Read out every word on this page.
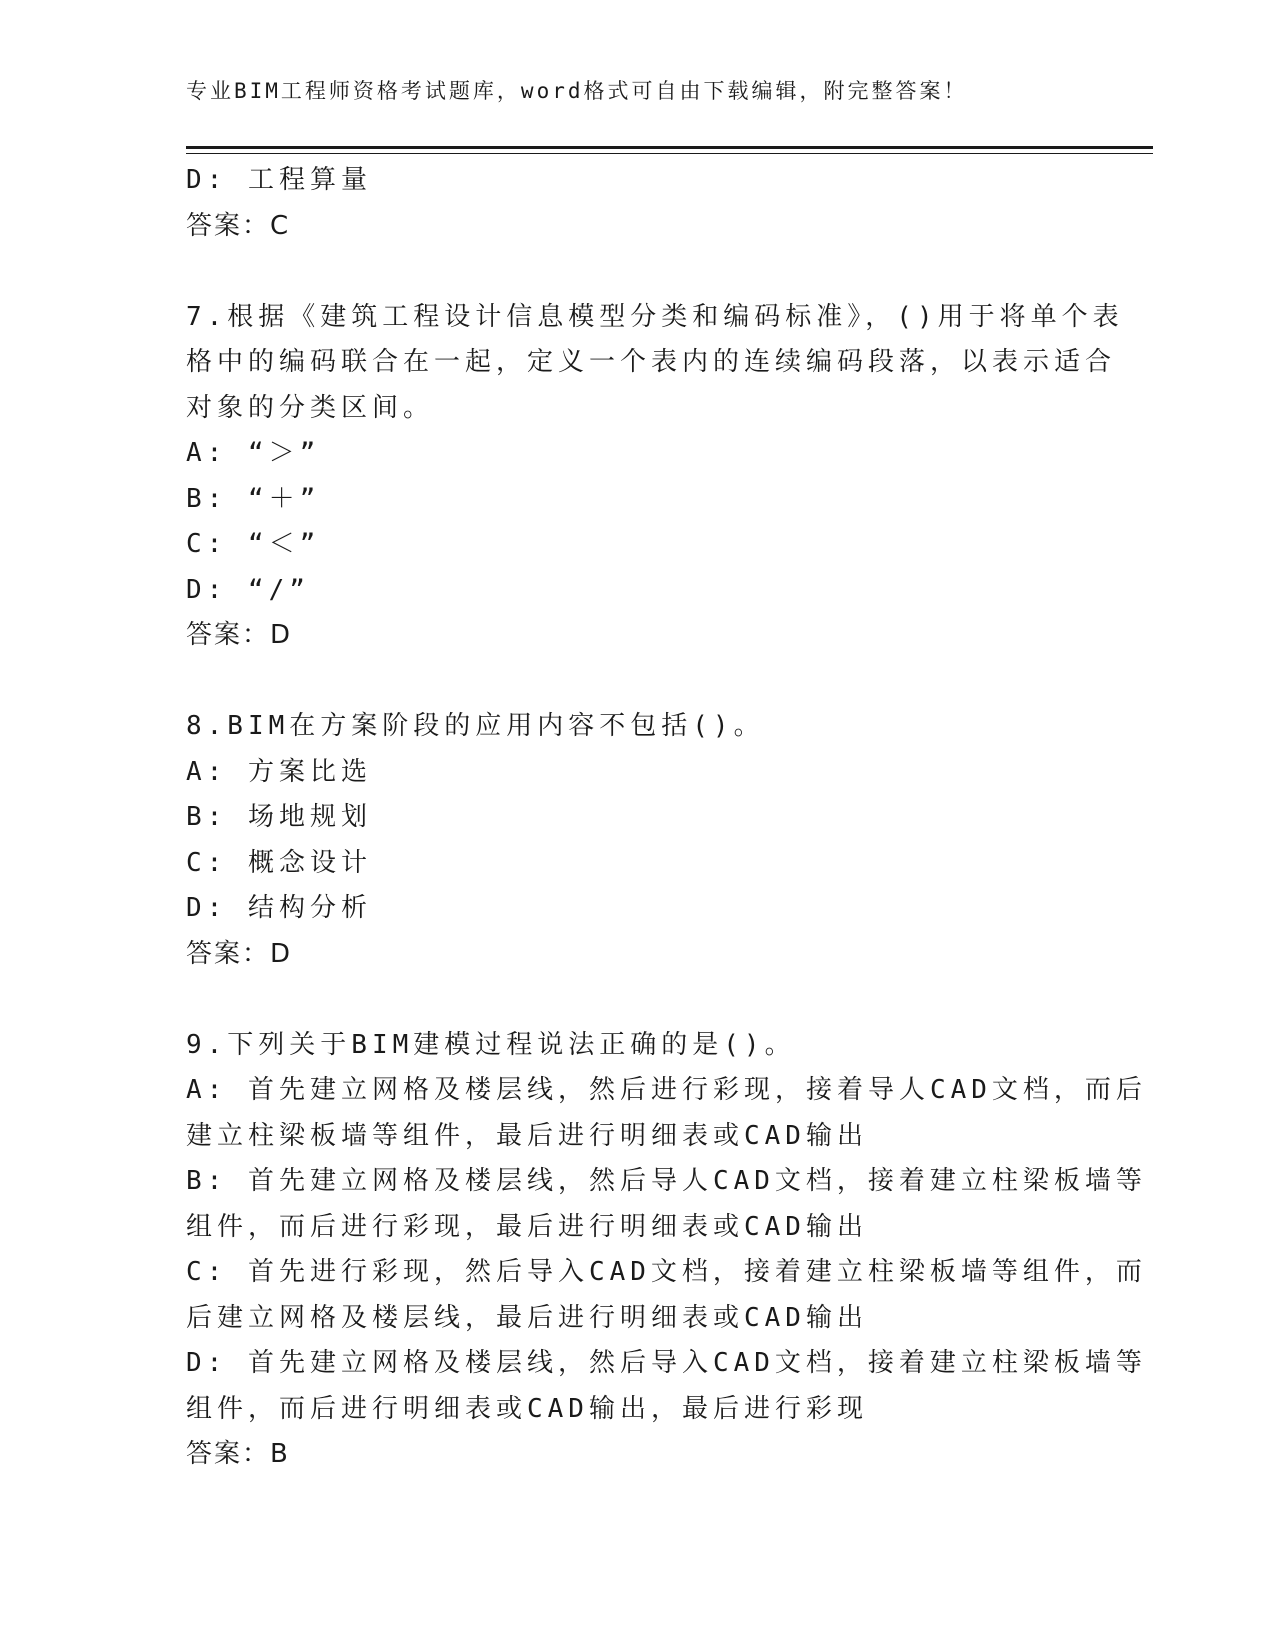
专业BIM工程师资格考试题库，word格式可自由下载编辑，附完整答案！
D: 工程算量
答案：C
7.根据《建筑工程设计信息模型分类和编码标准》，()用于将单个表
格中的编码联合在一起，定义一个表内的连续编码段落，以表示适合
对象的分类区间。
A: “＞”
B: “＋”
C: “＜”
D: “/”
答案：D
8.BIM在方案阶段的应用内容不包括()。
A: 方案比选
B: 场地规划
C: 概念设计
D: 结构分析
答案：D
9.下列关于BIM建模过程说法正确的是()。
A: 首先建立网格及楼层线，然后进行彩现，接着导人CAD文档，而后
建立柱梁板墙等组件，最后进行明细表或CAD输出
B: 首先建立网格及楼层线，然后导人CAD文档，接着建立柱梁板墙等
组件，而后进行彩现，最后进行明细表或CAD输出
C: 首先进行彩现，然后导入CAD文档，接着建立柱梁板墙等组件，而
后建立网格及楼层线，最后进行明细表或CAD输出
D: 首先建立网格及楼层线，然后导入CAD文档，接着建立柱梁板墙等
组件，而后进行明细表或CAD输出，最后进行彩现
答案：B
